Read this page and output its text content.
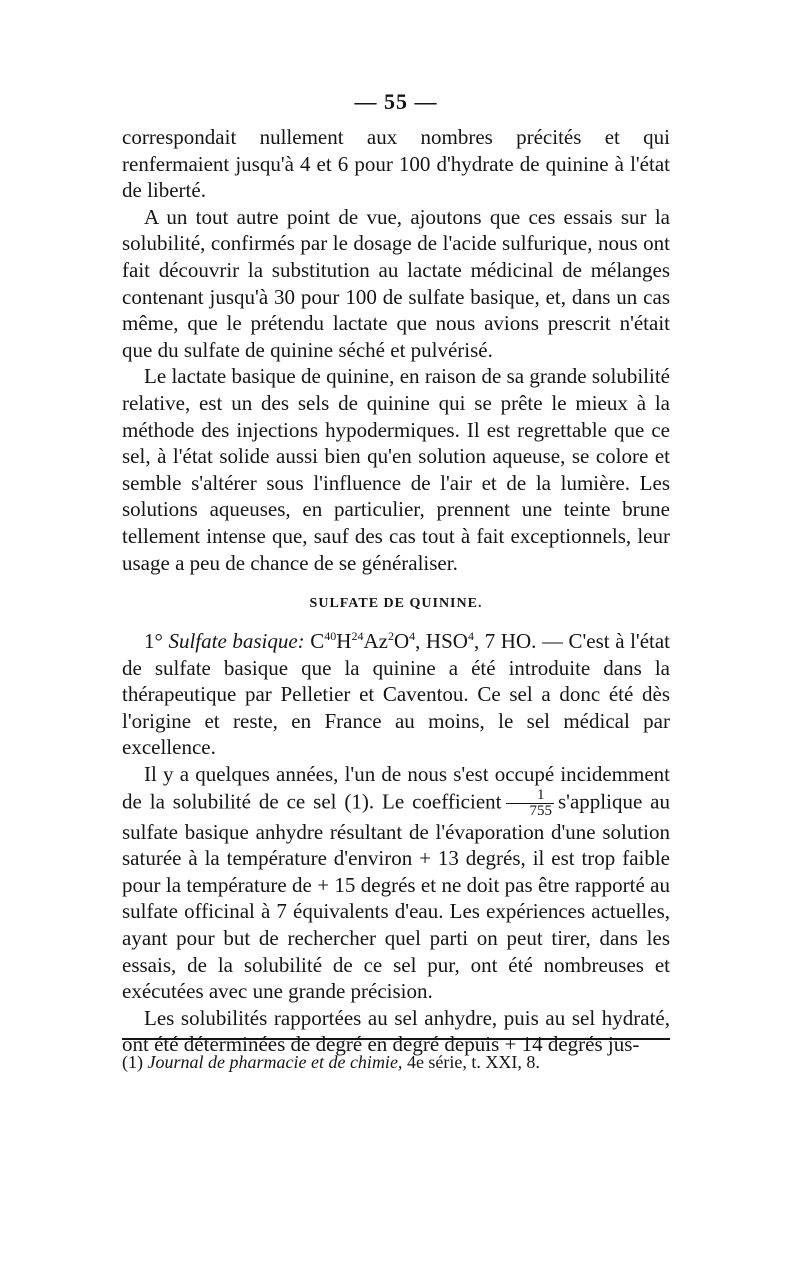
— 55 —

correspondait nullement aux nombres précités et qui renfermaient jusqu'à 4 et 6 pour 100 d'hydrate de quinine à l'état de liberté.

A un tout autre point de vue, ajoutons que ces essais sur la solubilité, confirmés par le dosage de l'acide sulfurique, nous ont fait découvrir la substitution au lactate médicinal de mélanges contenant jusqu'à 30 pour 100 de sulfate basique, et, dans un cas même, que le prétendu lactate que nous avions prescrit n'était que du sulfate de quinine séché et pulvérisé.

Le lactate basique de quinine, en raison de sa grande solubilité relative, est un des sels de quinine qui se prête le mieux à la méthode des injections hypodermiques. Il est regrettable que ce sel, à l'état solide aussi bien qu'en solution aqueuse, se colore et semble s'altérer sous l'influence de l'air et de la lumière. Les solutions aqueuses, en particulier, prennent une teinte brune tellement intense que, sauf des cas tout à fait exceptionnels, leur usage a peu de chance de se généraliser.

SULFATE DE QUININE.

1° Sulfate basique: $C^{40}H^{24}Az^2O^4$, HSO$^4$, 7 HO. — C'est à l'état de sulfate basique que la quinine a été introduite dans la thérapeutique par Pelletier et Caventou. Ce sel a donc été dès l'origine et reste, en France au moins, le sel médical par excellence.

Il y a quelques années, l'un de nous s'est occupé incidemment de la solubilité de ce sel (1). Le coefficient $\frac{1}{755}$ s'applique au sulfate basique anhydre résultant de l'évaporation d'une solution saturée à la température d'environ + 13 degrés, il est trop faible pour la température de + 15 degrés et ne doit pas être rapporté au sulfate officinal à 7 équivalents d'eau. Les expériences actuelles, ayant pour but de rechercher quel parti on peut tirer, dans les essais, de la solubilité de ce sel pur, ont été nombreuses et exécutées avec une grande précision.

Les solubilités rapportées au sel anhydre, puis au sel hydraté, ont été déterminées de degré en degré depuis + 14 degrés jus-

(1) Journal de pharmacie et de chimie, 4e série, t. XXI, 8.
